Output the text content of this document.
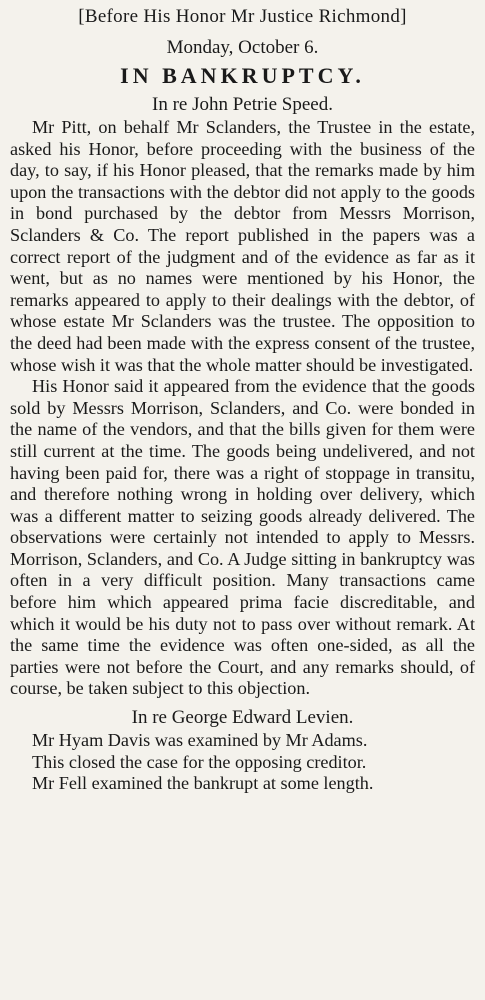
[Before His Honor Mr Justice Richmond]
Monday, October 6.
IN BANKRUPTCY.
In re John Petrie Speed.

Mr Pitt, on behalf Mr Sclanders, the Trustee in the estate, asked his Honor, before proceeding with the business of the day, to say, if his Honor pleased, that the remarks made by him upon the transactions with the debtor did not apply to the goods in bond purchased by the debtor from Messrs Morrison, Sclanders & Co. The report published in the papers was a correct report of the judgment and of the evidence as far as it went, but as no names were mentioned by his Honor, the remarks appeared to apply to their dealings with the debtor, of whose estate Mr Sclanders was the trustee. The opposition to the deed had been made with the express consent of the trustee, whose wish it was that the whole matter should be investigated.

His Honor said it appeared from the evidence that the goods sold by Messrs Morrison, Sclanders, and Co. were bonded in the name of the vendors, and that the bills given for them were still current at the time. The goods being undelivered, and not having been paid for, there was a right of stoppage in transitu, and therefore nothing wrong in holding over delivery, which was a different matter to seizing goods already delivered. The observations were certainly not intended to apply to Messrs. Morrison, Sclanders, and Co. A Judge sitting in bankruptcy was often in a very difficult position. Many transactions came before him which appeared prima facie discreditable, and which it would be his duty not to pass over without remark. At the same time the evidence was often one-sided, as all the parties were not before the Court, and any remarks should, of course, be taken subject to this objection.

In re George Edward Levien.

Mr Hyam Davis was examined by Mr Adams.

This closed the case for the opposing creditor.

Mr Fell examined the bankrupt at some length.
